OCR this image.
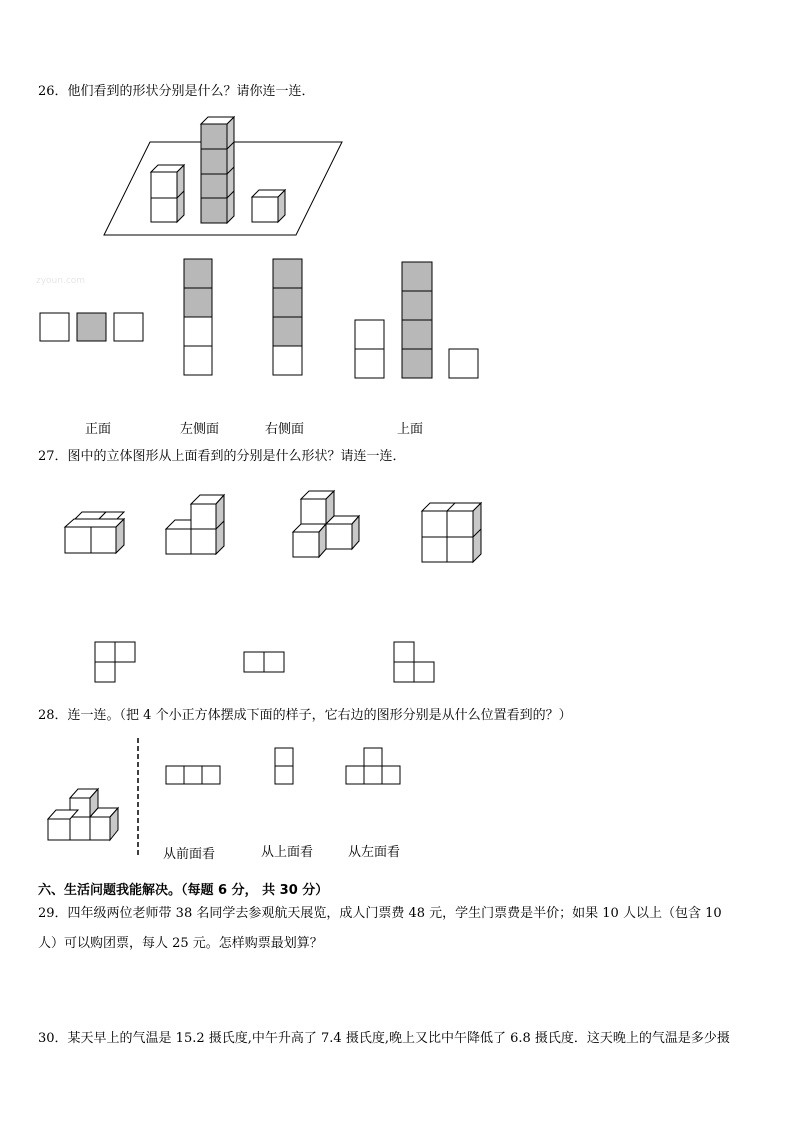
26．他们看到的形状分别是什么？请你连一连．
zyoun.com
正面	左侧面	右侧面	上面
27．图中的立体图形从上面看到的分别是什么形状？请连一连．
28．连一连。（把 4 个小正方体摆成下面的样子，它右边的图形分别是从什么位置看到的？）
从前面看	从上面看	从左面看
六、生活问题我能解决。（每题 6 分， 共 30 分）
29．四年级两位老师带 38 名同学去参观航天展览，成人门票费 48 元，学生门票费是半价；如果 10 人以上（包含 10
人）可以购团票，每人 25 元。怎样购票最划算？
30．某天早上的气温是 15.2 摄氏度,中午升高了 7.4 摄氏度,晚上又比中午降低了 6.8 摄氏度．这天晚上的气温是多少摄
